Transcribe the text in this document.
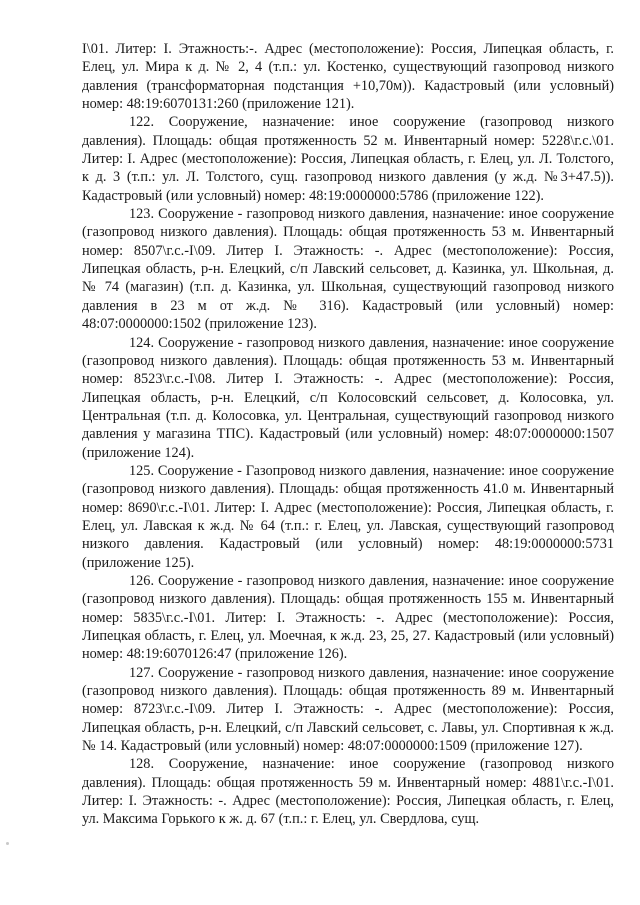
I\01. Литер: I. Этажность:-. Адрес (местоположение): Россия, Липецкая область, г. Елец, ул. Мира к д. № 2, 4 (т.п.: ул. Костенко, существующий газопровод низкого давления (трансформаторная подстанция +10,70м)). Кадастровый (или условный) номер: 48:19:6070131:260 (приложение 121).

122. Сооружение, назначение: иное сооружение (газопровод низкого давления). Площадь: общая протяженность 52 м. Инвентарный номер: 5228\г.с.\01. Литер: I. Адрес (местоположение): Россия, Липецкая область, г. Елец, ул. Л. Толстого, к д. 3 (т.п.: ул. Л. Толстого, сущ. газопровод низкого давления (у ж.д. №3+47.5)). Кадастровый (или условный) номер: 48:19:0000000:5786 (приложение 122).

123. Сооружение - газопровод низкого давления, назначение: иное сооружение (газопровод низкого давления). Площадь: общая протяженность 53 м. Инвентарный номер: 8507\г.с.-I\09. Литер I. Этажность: -. Адрес (местоположение): Россия, Липецкая область, р-н. Елецкий, с/п Лавский сельсовет, д. Казинка, ул. Школьная, д. № 74 (магазин) (т.п. д. Казинка, ул. Школьная, существующий газопровод низкого давления в 23 м от ж.д. № 316). Кадастровый (или условный) номер: 48:07:0000000:1502 (приложение 123).

124. Сооружение - газопровод низкого давления, назначение: иное сооружение (газопровод низкого давления). Площадь: общая протяженность 53 м. Инвентарный номер: 8523\г.с.-I\08. Литер I. Этажность: -. Адрес (местоположение): Россия, Липецкая область, р-н. Елецкий, с/п Колосовский сельсовет, д. Колосовка, ул. Центральная (т.п. д. Колосовка, ул. Центральная, существующий газопровод низкого давления у магазина ТПС). Кадастровый (или условный) номер: 48:07:0000000:1507 (приложение 124).

125. Сооружение - Газопровод низкого давления, назначение: иное сооружение (газопровод низкого давления). Площадь: общая протяженность 41.0 м. Инвентарный номер: 8690\г.с.-I\01. Литер: I. Адрес (местоположение): Россия, Липецкая область, г. Елец, ул. Лавская к ж.д. № 64 (т.п.: г. Елец, ул. Лавская, существующий газопровод низкого давления. Кадастровый (или условный) номер: 48:19:0000000:5731 (приложение 125).

126. Сооружение - газопровод низкого давления, назначение: иное сооружение (газопровод низкого давления). Площадь: общая протяженность 155 м. Инвентарный номер: 5835\г.с.-I\01. Литер: I. Этажность: -. Адрес (местоположение): Россия, Липецкая область, г. Елец, ул. Моечная, к ж.д. 23, 25, 27. Кадастровый (или условный) номер: 48:19:6070126:47 (приложение 126).

127. Сооружение - газопровод низкого давления, назначение: иное сооружение (газопровод низкого давления). Площадь: общая протяженность 89 м. Инвентарный номер: 8723\г.с.-I\09. Литер I. Этажность: -. Адрес (местоположение): Россия, Липецкая область, р-н. Елецкий, с/п Лавский сельсовет, с. Лавы, ул. Спортивная к ж.д. № 14. Кадастровый (или условный) номер: 48:07:0000000:1509 (приложение 127).

128. Сооружение, назначение: иное сооружение (газопровод низкого давления). Площадь: общая протяженность 59 м. Инвентарный номер: 4881\г.с.-I\01. Литер: I. Этажность: -. Адрес (местоположение): Россия, Липецкая область, г. Елец, ул. Максима Горького к ж. д. 67 (т.п.: г. Елец, ул. Свердлова, сущ.
